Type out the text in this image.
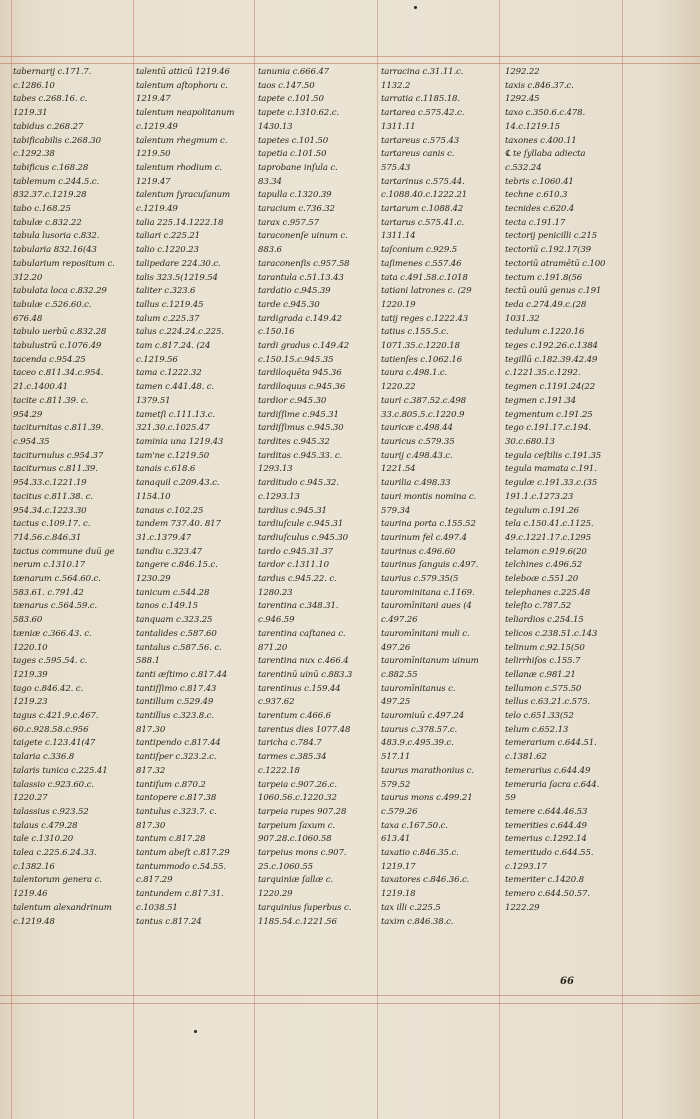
tabernarij c.171.7.
c.1286.10
tabes c.268.16. c.
1219.31
tabidus c.268.27
tabificabilis c.268.30
c.1292.38
tabificus c.168.28
tablemum c.244.5.c.
832.37.c.1219.28
tabo c.168.25
tabulæ c.832.22
tabula lusoria c.832.
tabularia 832.16(43
tabularium repositum c.
312.20
tabulata loca c.832.29
tabulæ c.526.60.c.
676.48
tabulo uerbū c.832.28
tabulustrū c.1076.49
tacenda c.954.25
taceo c.811.34.c.954.
21.c.1400.41
tacite c.811.39. c.
954.29
taciturnitas c.811.39.
c.954.35
taciturnulus c.954.37
taciturnus c.811.39.
954.33.c.1221.19
tacitus c.811.38. c.
954.34.c.1223.30
tactus c.109.17. c.
714.56.c.846.31
tactus commune duū ge
nerum c.1310.17
tænarum c.564.60.c.
583.61. c.791.42
tænarus c.564.59.c.
583.60
tæniæ c.366.43. c.
1220.10
tages c.595.54. c.
1219.39
tago c.846.42. c.
1219.23
tagus c.421.9.c.467.
60.c.928.58.c.956
taigete c.123.41(47
talaria c.336.8
talaris tunica c.225.41
talassio c.923.60.c.
1220.27
talassius c.923.52
talaus c.479.28
tale c.1310.20
talea c.225.6.24.33.
c.1382.16
talentorum genera c.
1219.46
talentum alexandrinum
c.1219.48
talentū atticū 1219.46
talentum aſtophoru c.
1219.47
talentum neapolitanum
c.1219.49
talentum rhegmum c.
1219.50
talentum rhodium c.
1219.47
talentum ſyracuſanum
c.1219.49
talia 225.14.1222.18
taliari c.225.21
talio c.1220.23
talipedare 224.30.c.
talis 323.5(1219.54
taliter c.323.6
tallus c.1219.45
talum c.225.37
talus c.224.24.c.225.
tam c.817.24. (24
c.1219.56
tama c.1222.32
tamen c.441.48. c.
1379.51
tametſi c.111.13.c.
321.30.c.1025.47
taminia una 1219.43
tam'ne c.1219.50
tanais c.618.6
tanaquil c.209.43.c.
1154.10
tanaus c.102.25
tandem 737.40. 817
31.c.1379.47
tandiu c.323.47
tangere c.846.15.c.
1230.29
tanicum c.544.28
tanos c.149.15
tanquam c.323.25
tantalides c.587.60
tantalus c.587.56. c.
588.1
tanti æſtimo c.817.44
tantiſſimo c.817.43
tantillum c.529.49
tantillus c.323.8.c.
817.30
tantipendo c.817.44
tantiſper c.323.2.c.
817.32
tantiſum c.870.2
tantopere c.817.38
tantulus c.323.7. c.
817.30
tantum c.817.28
tantum abeſt c.817.29
tantummodo c.54.55.
c.817.29
tantundem c.817.31.
c.1038.51
tantus c.817.24
tanunia c.666.47
taos c.147.50
tapete c.101.50
tapete c.1310.62.c.
1430.13
tapetes c.101.50
tapetia c.101.50
taprobane inſula c.
83.34
tapulla c.1320.39
taracium c.736.32
tarax c.957.57
taraconenſe uinum c.
883.6
taraconenſis c.957.58
tarantula c.51.13.43
tardatio c.945.39
tarde c.945.30
tardigrada c.149.42
c.150.16
tardi gradus c.149.42
c.150.15.c.945.35
tardiloquēta 945.36
tardiloquus c.945.36
tardior c.945.30
tardiſſime c.945.31
tardiſſimus c.945.30
tardites c.945.32
tarditas c.945.33. c.
1293.13
tarditudo c.945.32.
c.1293.13
tardius c.945.31
tardiuſcule c.945.31
tardiuſculus c.945.30
tardo c.945.31.37
tardor c.1311.10
tardus c.945.22. c.
1280.23
tarentina c.348.31.
c.946.59
tarentina caſtanea c.
871.20
tarentina nux c.466.4
tarentinū uinū c.883.3
tarentinus c.159.44
c.937.62
tarentum c.466.6
tarentus dies 1077.48
taricha c.784.7
tarmes c.385.34
c.1222.18
tarpeia c.907.26.c.
1060.56.c.1220.32
tarpeia rupes 907.28
tarpeium ſaxum c.
907.28.c.1060.58
tarpeius mons c.907.
25.c.1060.55
tarquiniæ ſallæ c.
1220.29
tarquinius ſuperbus c.
1185.54.c.1221.56
tarracina c.31.11.c.
1132.2
tarratia c.1185.18.
tartarea c.575.42.c.
1311.11
tartareus c.575.43
tartareus canis c.
575.43
tartarinus c.575.44.
c.1088.40.c.1222.21
tartarum c.1088.42
tartarus c.575.41.c.
1311.14
taſconium c.929.5
taſimenes c.557.46
tata c.491.58.c.1018
tatiani latrones c. (29
1220.19
tatij reges c.1222.43
tatius c.155.5.c.
1071.35.c.1220.18
tatienſes c.1062.16
taura c.498.1.c.
1220.22
tauri c.387.52.c.498
33.c.805.5.c.1220.9
tauricæ c.498.44
tauricus c.579.35
taurij c.498.43.c.
1221.54
taurilia c.498.33
tauri montis nomina c.
579.34
taurina porta c.155.52
taurinum fel c.497.4
taurinus c.496.60
taurinus ſanguis c.497.
taurius c.579.35(5
taurominitana c.1169.
tauromīnitani aues (4
c.497.26
tauromīnitani muli c.
497.26
tauromīnitanum uinum
c.882.55
tauromīnitanus c.
497.25
tauromiuū c.497.24
taurus c.378.57.c.
483.9.c.495.39.c.
517.11
taurus marathonius c.
579.52
taurus mons c.499.21
c.579.26
taxa c.167.50.c.
613.41
taxatio c.846.35.c.
1219.17
taxatores c.846.36.c.
1219.18
tax illi c.225.5
taxim c.846.38.c.
1292.22
taxis c.846.37.c.
1292.45
taxo c.350.6.c.478.
14.c.1219.15
taxones c.400.11
℄ te ſyllaba adiecta
c.532.24
tebris c.1060.41
techne c.610.3
tecnides c.620.4
tecta c.191.17
tectorij penicilli c.215
tectoriū c.192.17(39
tectoriū atramētū c.100
tectum c.191.8(56
tectū ouiū genus c.191
teda c.274.49.c.(28
1031.32
tedulum c.1220.16
teges c.192.26.c.1384
tegillū c.182.39.42.49
c.1221.35.c.1292.
tegmen c.1191.24(22
tegmen c.191.34
tegmentum c.191.25
tego c.191.17.c.194.
30.c.680.13
tegula ceſtilis c.191.35
tegula mamata c.191.
tegulæ c.191.33.c.(35
191.1.c.1273.23
tegulum c.191.26
tela c.150.41.c.1125.
49.c.1221.17.c.1295
telamon c.919.6(20
telchines c.496.52
teleboæ c.551.20
telephanes c.225.48
teleſto c.787.52
teliardios c.254.15
telicos c.238.51.c.143
telinum c.92.15(50
telirrhiſos c.155.7
tellanæ c.981.21
tellumon c.575.50
tellus c.63.21.c.575.
telo c.651.33(52
telum c.652.13
temerarium c.644.51.
c.1381.62
temerarius c.644.49
temeraria ſacra c.644.
59
temere c.644.46.53
temerities c.644.49
temerius c.1292.14
temeritudo c.644.55.
c.1293.17
temeriter c.1420.8
temero c.644.50.57.
1222.29
66
